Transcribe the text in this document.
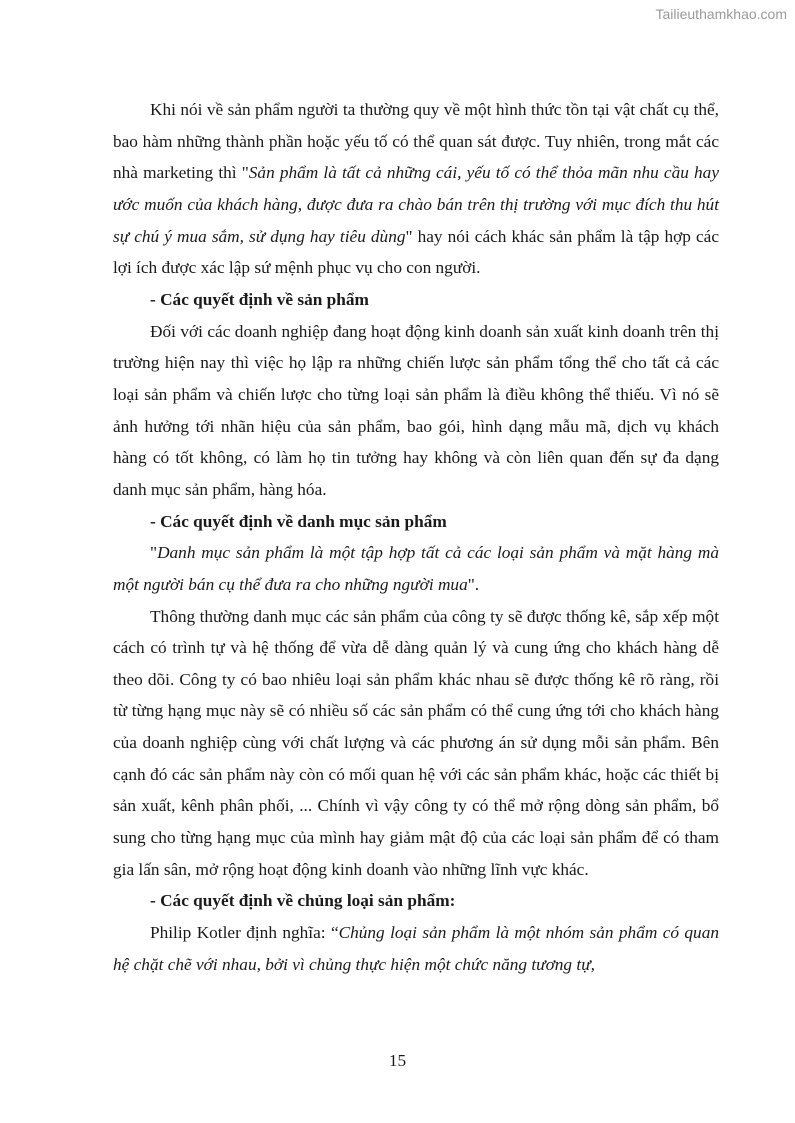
Tailieuthamkhao.com

Khi nói về sản phẩm người ta thường quy về một hình thức tồn tại vật chất cụ thể, bao hàm những thành phần hoặc yếu tố có thể quan sát được. Tuy nhiên, trong mắt các nhà marketing thì "Sản phẩm là tất cả những cái, yếu tố có thể thỏa mãn nhu cầu hay ước muốn của khách hàng, được đưa ra chào bán trên thị trường với mục đích thu hút sự chú ý mua sắm, sử dụng hay tiêu dùng" hay nói cách khác sản phẩm là tập hợp các lợi ích được xác lập sứ mệnh phục vụ cho con người.

- Các quyết định về sản phẩm

Đối với các doanh nghiệp đang hoạt động kinh doanh sản xuất kinh doanh trên thị trường hiện nay thì việc họ lập ra những chiến lược sản phẩm tổng thể cho tất cả các loại sản phẩm và chiến lược cho từng loại sản phẩm là điều không thể thiếu. Vì nó sẽ ảnh hưởng tới nhãn hiệu của sản phẩm, bao gói, hình dạng mẫu mã, dịch vụ khách hàng có tốt không, có làm họ tin tưởng hay không và còn liên quan đến sự đa dạng danh mục sản phẩm, hàng hóa.

- Các quyết định về danh mục sản phẩm

"Danh mục sản phẩm là một tập hợp tất cả các loại sản phẩm và mặt hàng mà một người bán cụ thể đưa ra cho những người mua".

Thông thường danh mục các sản phẩm của công ty sẽ được thống kê, sắp xếp một cách có trình tự và hệ thống để vừa dễ dàng quản lý và cung ứng cho khách hàng dễ theo dõi. Công ty có bao nhiêu loại sản phẩm khác nhau sẽ được thống kê rõ ràng, rồi từ từng hạng mục này sẽ có nhiều số các sản phẩm có thể cung ứng tới cho khách hàng của doanh nghiệp cùng với chất lượng và các phương án sử dụng mỗi sản phẩm. Bên cạnh đó các sản phẩm này còn có mối quan hệ với các sản phẩm khác, hoặc các thiết bị sản xuất, kênh phân phối, ... Chính vì vậy công ty có thể mở rộng dòng sản phẩm, bổ sung cho từng hạng mục của mình hay giảm mật độ của các loại sản phẩm để có tham gia lấn sân, mở rộng hoạt động kinh doanh vào những lĩnh vực khác.

- Các quyết định về chủng loại sản phẩm:

Philip Kotler định nghĩa: “Chủng loại sản phẩm là một nhóm sản phẩm có quan hệ chặt chẽ với nhau, bởi vì chủng thực hiện một chức năng tương tự,

15
